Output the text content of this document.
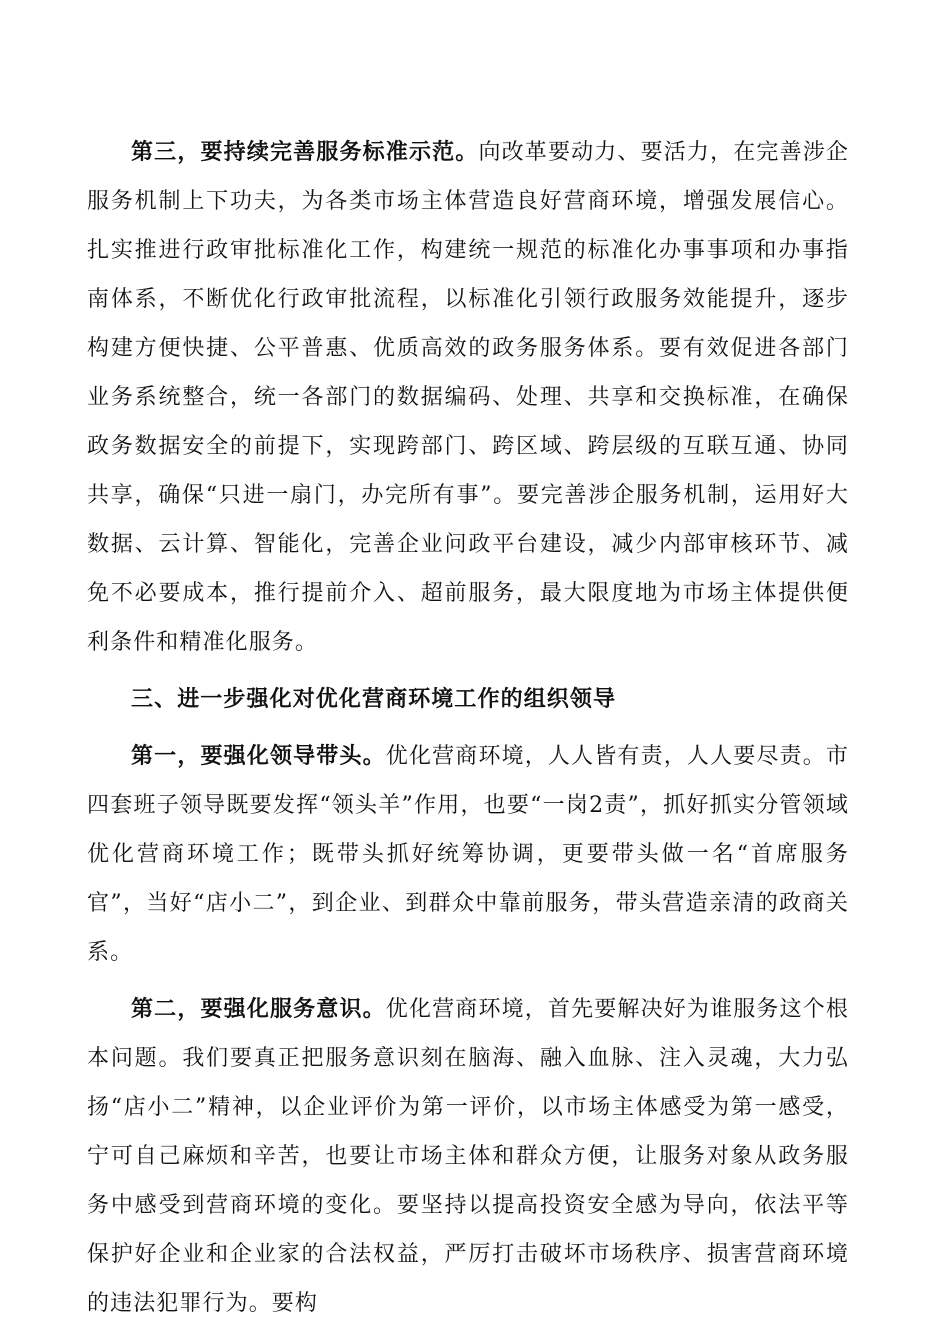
第三，要持续完善服务标准示范。向改革要动力、要活力，在完善涉企服务机制上下功夫，为各类市场主体营造良好营商环境，增强发展信心。扎实推进行政审批标准化工作，构建统一规范的标准化办事事项和办事指南体系，不断优化行政审批流程，以标准化引领行政服务效能提升，逐步构建方便快捷、公平普惠、优质高效的政务服务体系。要有效促进各部门业务系统整合，统一各部门的数据编码、处理、共享和交换标准，在确保政务数据安全的前提下，实现跨部门、跨区域、跨层级的互联互通、协同共享，确保“只进一扇门，办完所有事”。要完善涉企服务机制，运用好大数据、云计算、智能化，完善企业问政平台建设，减少内部审核环节、减免不必要成本，推行提前介入、超前服务，最大限度地为市场主体提供便利条件和精准化服务。

三、进一步强化对优化营商环境工作的组织领导

第一，要强化领导带头。优化营商环境，人人皆有责，人人要尽责。市四套班子领导既要发挥“领头羊”作用，也要“一岗2责”，抓好抓实分管领域优化营商环境工作；既带头抓好统筹协调，更要带头做一名“首席服务官”，当好“店小二”，到企业、到群众中靠前服务，带头营造亲清的政商关系。

第二，要强化服务意识。优化营商环境，首先要解决好为谁服务这个根本问题。我们要真正把服务意识刻在脑海、融入血脉、注入灵魂，大力弘扬“店小二”精神，以企业评价为第一评价，以市场主体感受为第一感受，宁可自己麻烦和辛苦，也要让市场主体和群众方便，让服务对象从政务服务中感受到营商环境的变化。要坚持以提高投资安全感为导向，依法平等保护好企业和企业家的合法权益，严厉打击破坏市场秩序、损害营商环境的违法犯罪行为。要构
